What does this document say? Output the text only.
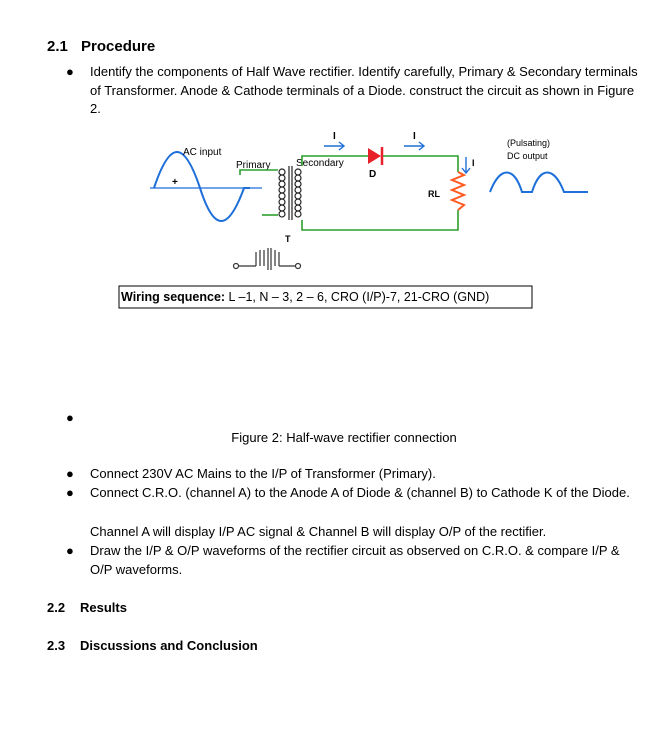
2.1 Procedure
● Identify the components of Half Wave rectifier. Identify carefully, Primary & Secondary terminals of Transformer. Anode & Cathode terminals of a Diode. construct the circuit as shown in Figure 2.
+
AC input
Primary	Secondary
I	I
D
RL
I
(Pulsating)
DC output
T
Wiring sequence: L –1, N – 3, 2 – 6, CRO (I/P)-7, 21-CRO (GND)
●
Figure 2: Half-wave rectifier connection
● Connect 230V AC Mains to the I/P of Transformer (Primary).
● Connect C.R.O. (channel A) to the Anode A of Diode & (channel B) to Cathode K of the Diode.
Channel A will display I/P AC signal & Channel B will display O/P of the rectifier.
● Draw the I/P & O/P waveforms of the rectifier circuit as observed on C.R.O. & compare I/P & O/P waveforms.
2.2 Results
2.3 Discussions and Conclusion
